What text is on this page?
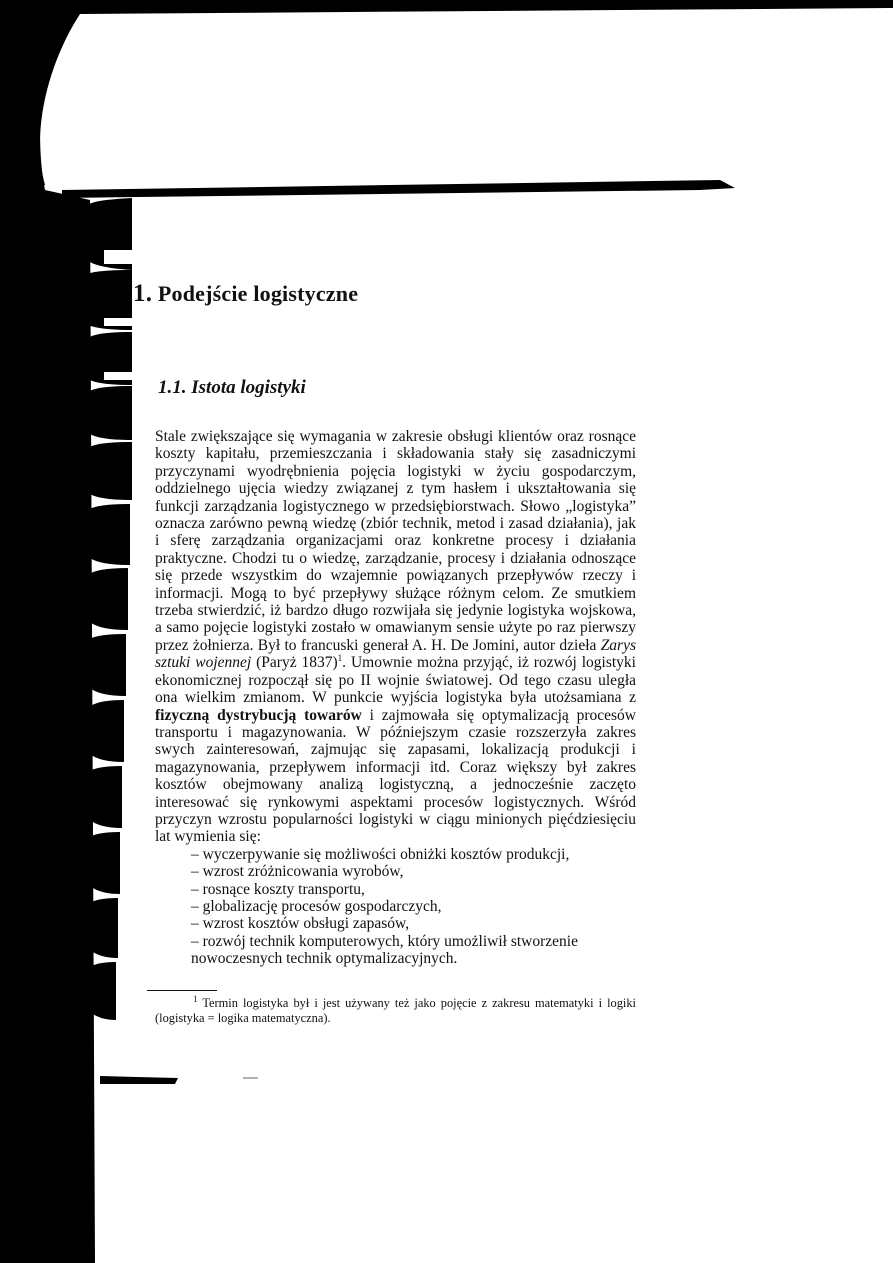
1. Podejście logistyczne
1.1. Istota logistyki

Stale zwiększające się wymagania w zakresie obsługi klientów oraz rosnące koszty kapitału, przemieszczania i składowania stały się zasadniczymi przyczynami wyodrębnienia pojęcia logistyki w życiu gospodarczym, oddzielnego ujęcia wiedzy związanej z tym hasłem i ukształtowania się funkcji zarządzania logistycznego w przedsiębiorstwach. Słowo „logistyka” oznacza zarówno pewną wiedzę (zbiór technik, metod i zasad działania), jak i sferę zarządzania organizacjami oraz konkretne procesy i działania praktyczne. Chodzi tu o wiedzę, zarządzanie, procesy i działania odnoszące się przede wszystkim do wzajemnie powiązanych przepływów rzeczy i informacji. Mogą to być przepływy służące różnym celom. Ze smutkiem trzeba stwierdzić, iż bardzo długo rozwijała się jedynie logistyka wojskowa, a samo pojęcie logistyki zostało w omawianym sensie użyte po raz pierwszy przez żołnierza. Był to francuski generał A. H. De Jomini, autor dzieła Zarys sztuki wojennej (Paryż 1837)$^1$. Umownie można przyjąć, iż rozwój logistyki ekonomicznej rozpoczął się po II wojnie światowej. Od tego czasu uległa ona wielkim zmianom. W punkcie wyjścia logistyka była utożsamiana z fizyczną dystrybucją towarów i zajmowała się optymalizacją procesów transportu i magazynowania. W późniejszym czasie rozszerzyła zakres swych zainteresowań, zajmując się zapasami, lokalizacją produkcji i magazynowania, przepływem informacji itd. Coraz większy był zakres kosztów obejmowany analizą logistyczną, a jednocześnie zaczęto interesować się rynkowymi aspektami procesów logistycznych. Wśród przyczyn wzrostu popularności logistyki w ciągu minionych pięćdziesięciu lat wymienia się:

– wyczerpywanie się możliwości obniżki kosztów produkcji,
– wzrost zróżnicowania wyrobów,
– rosnące koszty transportu,
– globalizację procesów gospodarczych,
– wzrost kosztów obsługi zapasów,
– rozwój technik komputerowych, który umożliwił stworzenie nowoczesnych technik optymalizacyjnych.

$^1$ Termin logistyka był i jest używany też jako pojęcie z zakresu matematyki i logiki (logistyka = logika matematyczna).
